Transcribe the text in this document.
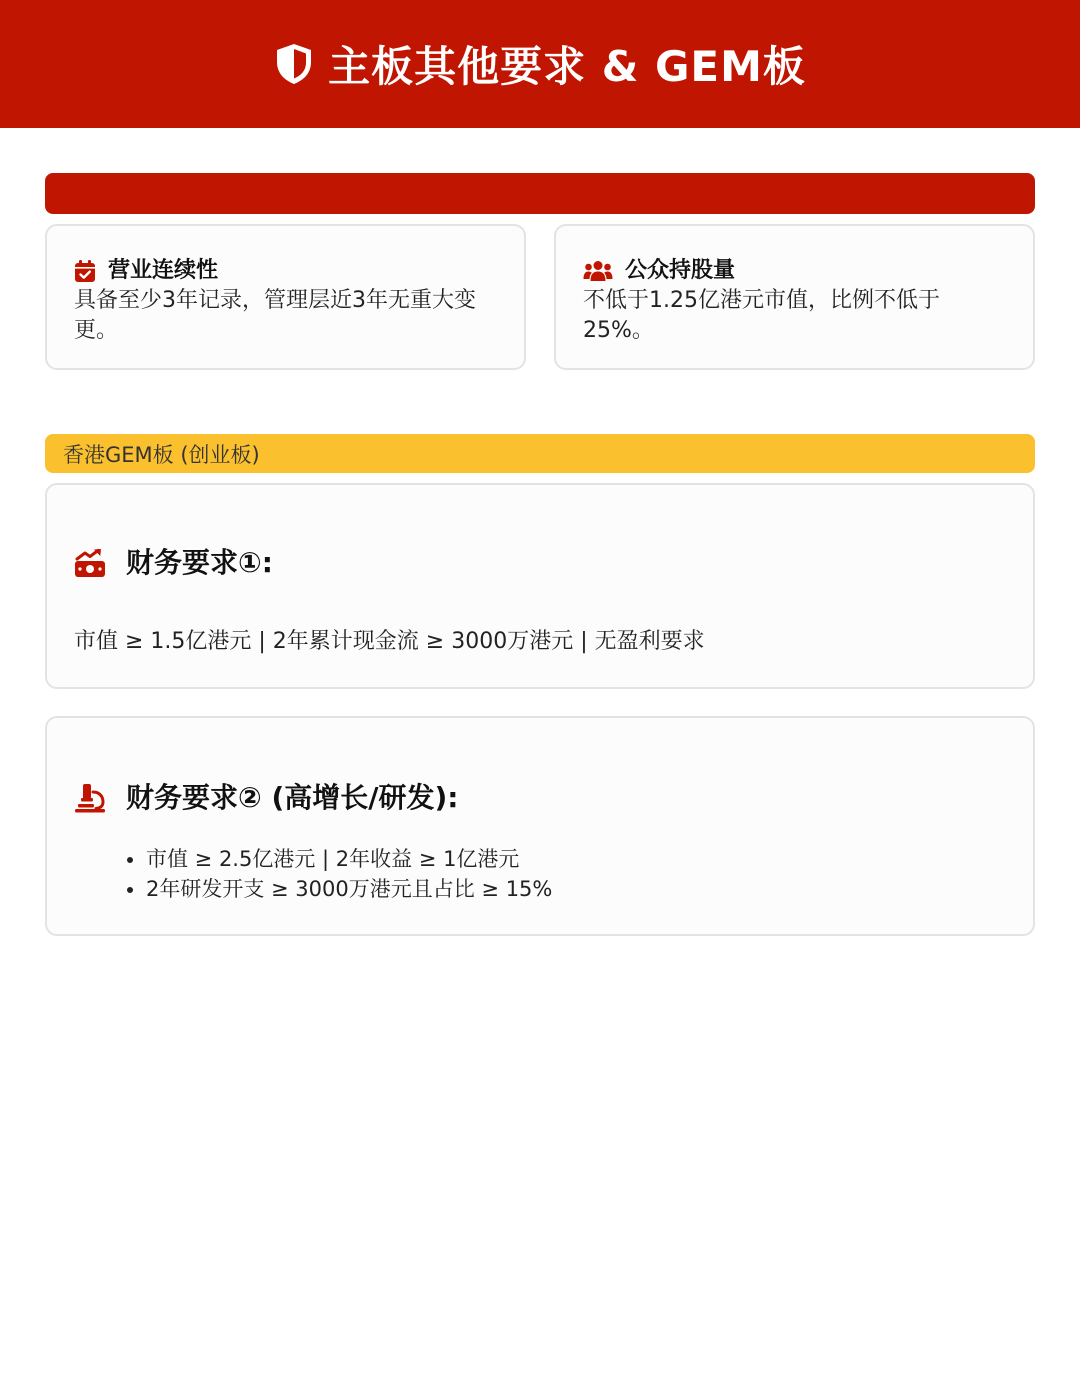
主板其他要求 & GEM板
营业连续性
具备至少3年记录，管理层近3年无重大变更。
公众持股量
不低于1.25亿港元市值，比例不低于25%。
香港GEM板 (创业板)
财务要求①:
市值 ≥ 1.5亿港元 | 2年累计现金流 ≥ 3000万港元 | 无盈利要求
财务要求② (高增长/研发):
• 市值 ≥ 2.5亿港元 | 2年收益 ≥ 1亿港元
• 2年研发开支 ≥ 3000万港元且占比 ≥ 15%
